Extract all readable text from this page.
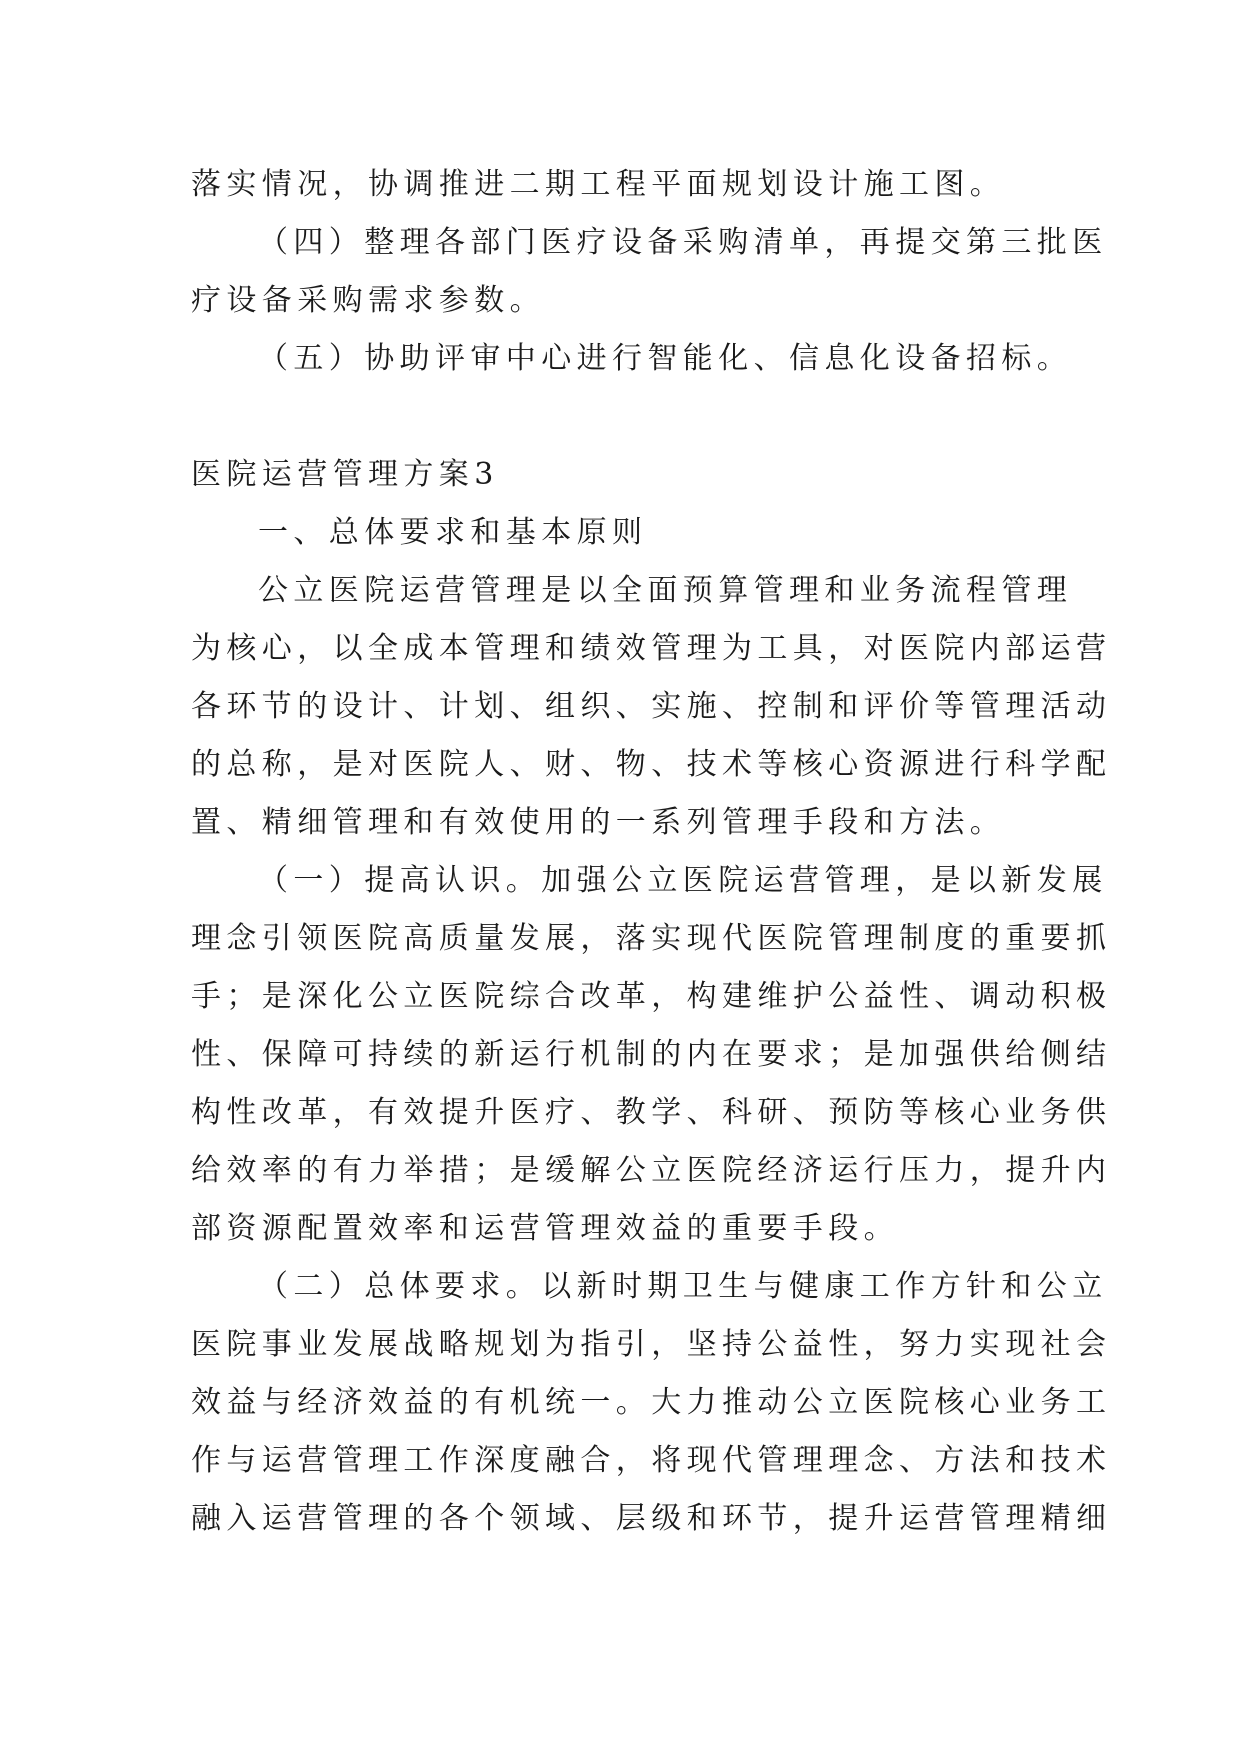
落实情况，协调推进二期工程平面规划设计施工图。
（四）整理各部门医疗设备采购清单，再提交第三批医
疗设备采购需求参数。
（五）协助评审中心进行智能化、信息化设备招标。
医院运营管理方案3
一、总体要求和基本原则
公立医院运营管理是以全面预算管理和业务流程管理
为核心，以全成本管理和绩效管理为工具，对医院内部运营
各环节的设计、计划、组织、实施、控制和评价等管理活动
的总称，是对医院人、财、物、技术等核心资源进行科学配
置、精细管理和有效使用的一系列管理手段和方法。
（一）提高认识。加强公立医院运营管理，是以新发展
理念引领医院高质量发展，落实现代医院管理制度的重要抓
手；是深化公立医院综合改革，构建维护公益性、调动积极
性、保障可持续的新运行机制的内在要求；是加强供给侧结
构性改革，有效提升医疗、教学、科研、预防等核心业务供
给效率的有力举措；是缓解公立医院经济运行压力，提升内
部资源配置效率和运营管理效益的重要手段。
（二）总体要求。以新时期卫生与健康工作方针和公立
医院事业发展战略规划为指引，坚持公益性，努力实现社会
效益与经济效益的有机统一。大力推动公立医院核心业务工
作与运营管理工作深度融合，将现代管理理念、方法和技术
融入运营管理的各个领域、层级和环节，提升运营管理精细
